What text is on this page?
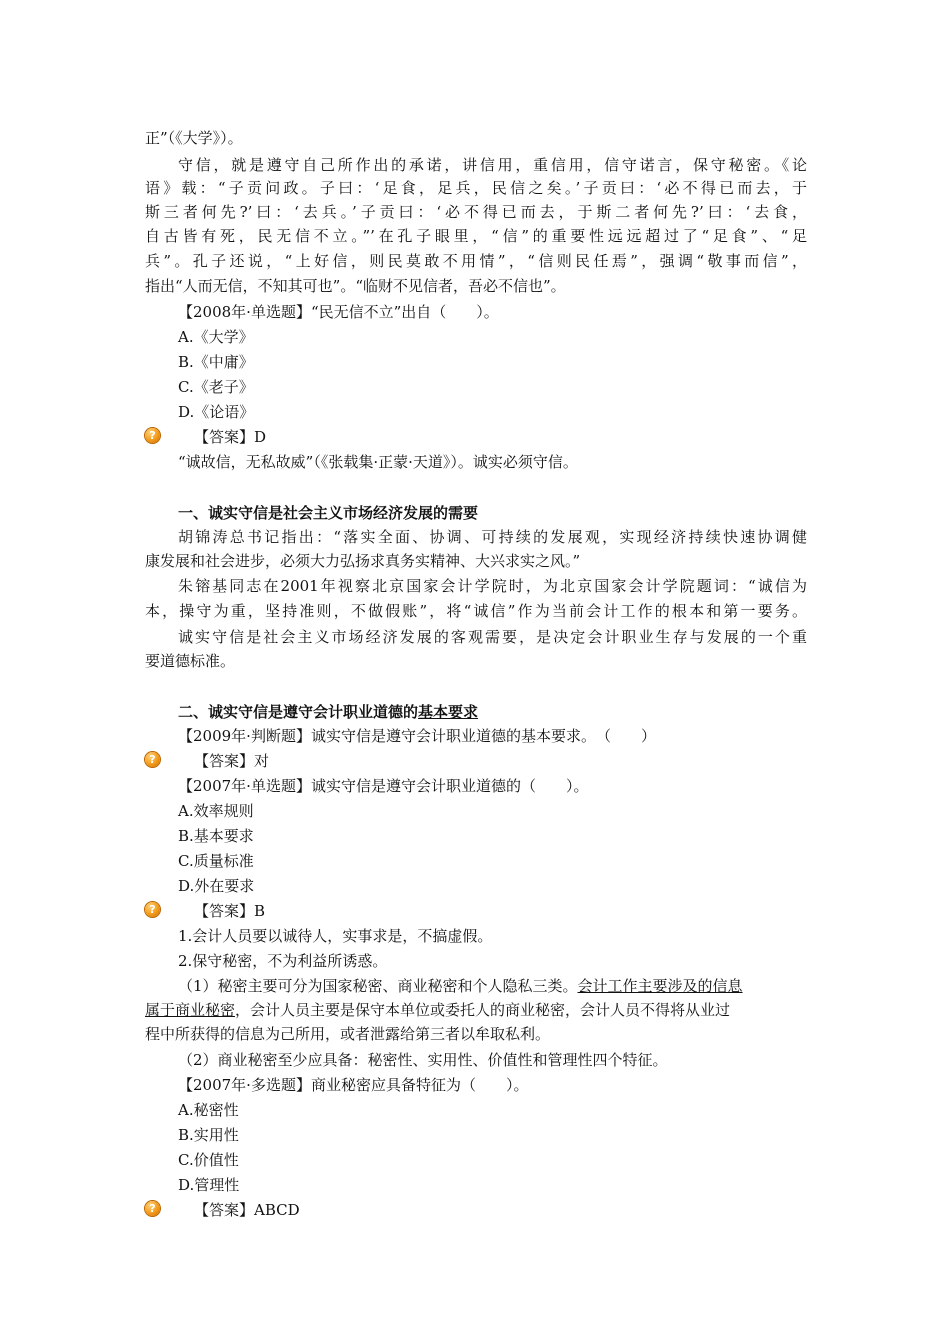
正”（《大学》）。
守信，就是遵守自己所作出的承诺，讲信用，重信用，信守诺言，保守秘密。《论
语》载：“子贡问政。子曰：‘足食，足兵，民信之矣。’子贡曰：‘必不得已而去，于
斯三者何先?’曰：‘去兵。’子贡曰：‘必不得已而去，于斯二者何先?’曰：‘去食，
自古皆有死，民无信不立。”’在孔子眼里，“信”的重要性远远超过了“足食”、“足
兵”。孔子还说，“上好信，则民莫敢不用情”，“信则民任焉”，强调“敬事而信”，
指出“人而无信，不知其可也”。“临财不见信者，吾必不信也”。
【2008年·单选题】“民无信不立”出自（　　）。
A.《大学》
B.《中庸》
C.《老子》
D.《论语》
?	【答案】D
“诚故信，无私故威”（《张载集·正蒙·天道》）。诚实必须守信。
一、诚实守信是社会主义市场经济发展的需要
胡锦涛总书记指出：“落实全面、协调、可持续的发展观，实现经济持续快速协调健
康发展和社会进步，必须大力弘扬求真务实精神、大兴求实之风。”
朱镕基同志在2001年视察北京国家会计学院时，为北京国家会计学院题词：“诚信为
本，操守为重，坚持准则，不做假账”，将“诚信”作为当前会计工作的根本和第一要务。
诚实守信是社会主义市场经济发展的客观需要，是决定会计职业生存与发展的一个重
要道德标准。
二、诚实守信是遵守会计职业道德的基本要求
【2009年·判断题】诚实守信是遵守会计职业道德的基本要求。　（　　）
?	【答案】对
【2007年·单选题】诚实守信是遵守会计职业道德的（　　）。
A.效率规则
B.基本要求
C.质量标准
D.外在要求
?	【答案】B
1.会计人员要以诚待人，实事求是，不搞虚假。
2.保守秘密，不为利益所诱惑。
（1）秘密主要可分为国家秘密、商业秘密和个人隐私三类。会计工作主要涉及的信息
属于商业秘密，会计人员主要是保守本单位或委托人的商业秘密，会计人员不得将从业过
程中所获得的信息为己所用，或者泄露给第三者以牟取私利。
（2）商业秘密至少应具备：秘密性、实用性、价值性和管理性四个特征。
【2007年·多选题】商业秘密应具备特征为（　　）。
A.秘密性
B.实用性
C.价值性
D.管理性
?	【答案】ABCD
